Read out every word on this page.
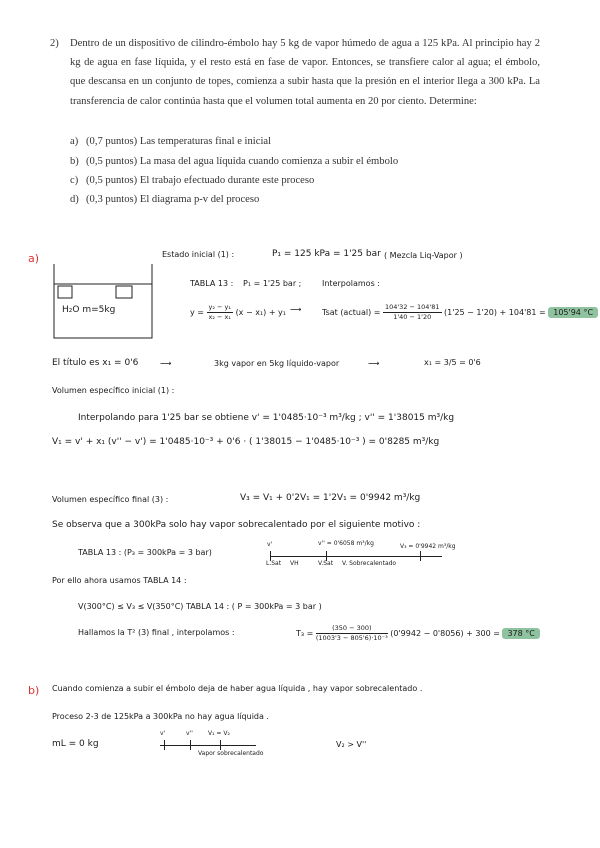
2) Dentro de un dispositivo de cilindro-émbolo hay 5 kg de vapor húmedo de agua a 125 kPa. Al principio hay 2 kg de agua en fase líquida, y el resto está en fase de vapor. Entonces, se transfiere calor al agua; el émbolo, que descansa en un conjunto de topes, comienza a subir hasta que la presión en el interior llega a 300 kPa. La transferencia de calor continúa hasta que el volumen total aumenta en 20 por ciento. Determine:
a) (0,7 puntos) Las temperaturas final e inicial
b) (0,5 puntos) La masa del agua líquida cuando comienza a subir el émbolo
c) (0,5 puntos) El trabajo efectuado durante este proceso
d) (0,3 puntos) El diagrama p-v del proceso
a)	Estado inicial (1) :	P₁ = 125 kPa = 1'25 bar ( Mezcla Liq-Vapor )
H₂O m=5kg
TABLA 13 : P₁ = 1'25 bar ;	Interpolamos :
$y = \frac{\text{y₂ − y₁}}{\text{x₂ − x₁}} (x - x_1) + y_1$ ⟶	Tsat (actual) = $\frac{104'32 - 104'81}{1'40 - 1'20} (1'25 - 1'20) + 104'81 = 105'94$ °C
El título es x₁ = 0'6	⟶	3kg vapor en 5kg líquido-vapor	⟶	x₁ = 3/5 = 0'6
Volumen específico inicial (1) :
Interpolando para 1'25 bar se obtiene v' = 1'0485·10⁻³ m³/kg ; v'' = 1'38015 m³/kg
V₁ = v' + x₁ (v'' − v') = 1'0485·10⁻³ + 0'6 · ( 1'38015 − 1'0485·10⁻³ ) = 0'8285 m³/kg
Volumen específico final (3) :	V₃ = V₁ + 0'2V₁ = 1'2V₁ = 0'9942 m³/kg
Se observa que a 300kPa solo hay vapor sobrecalentado por el siguiente motivo :
TABLA 13 : (P₃ = 300kPa = 3 bar)
v'	v'' = 0'6058 m³/kg	V₃ = 0'9942 m³/kg
L.Sat VH	V.Sat V. Sobrecalentado
Por ello ahora usamos TABLA 14 :
V(300°C) ≤ V₃ ≤ V(350°C) TABLA 14 : ( P = 300kPa = 3 bar )
Hallamos la T² (3) final , interpolamos :	$T_3 = \frac{(350 - 300)}{\text{(1003'3 − 805'6)·10⁻³}} (0'9942 - 0'8056) + 300 = 378$ °C
b) Cuando comienza a subir el émbolo deja de haber agua líquida , hay vapor sobrecalentado .
Proceso 2-3 de 125kPa a 300kPa no hay agua líquida .
mL = 0 kg
v'	v''	V₁ = V₂
Vapor sobrecalentado
V₂ > V''
